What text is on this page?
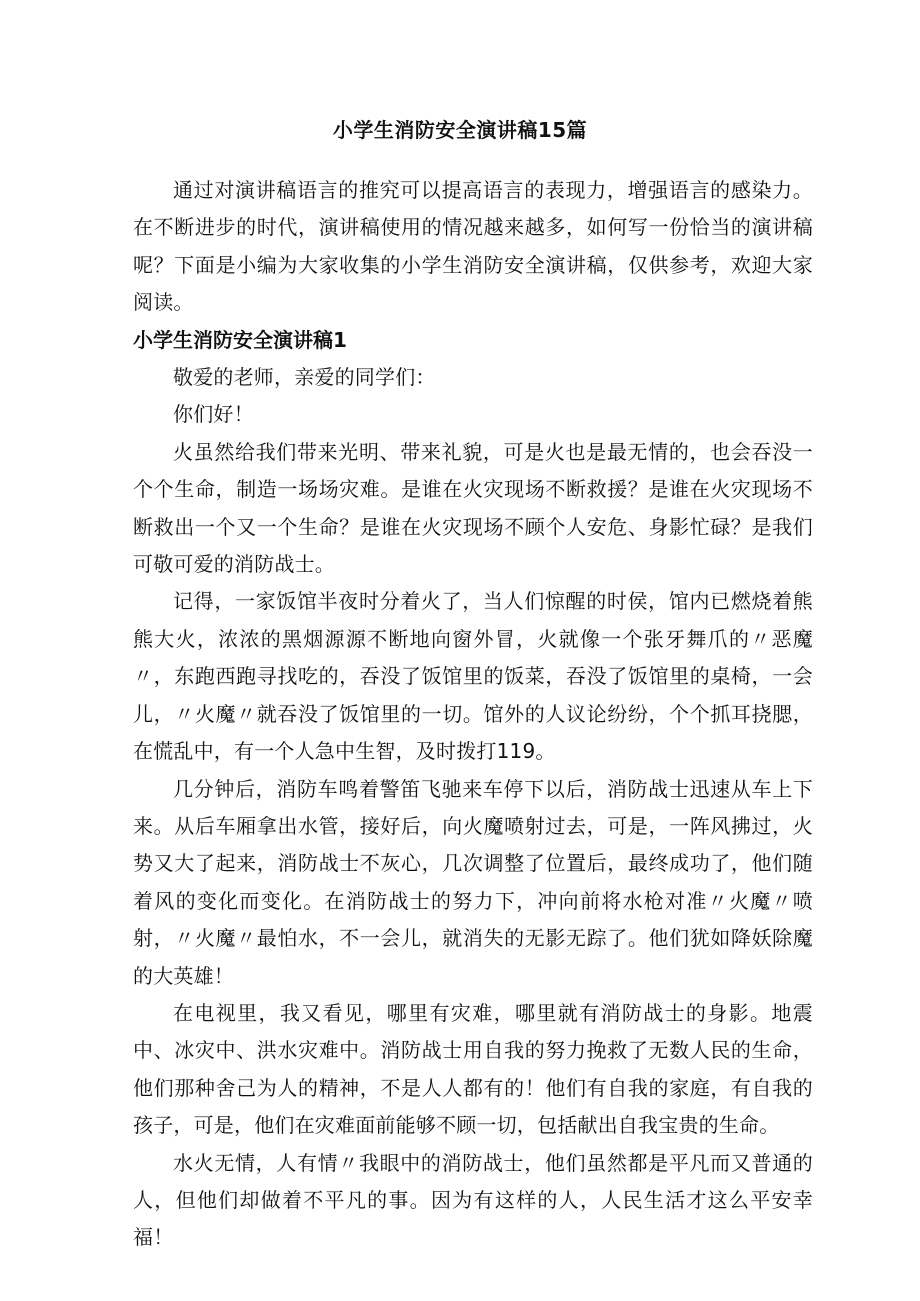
小学生消防安全演讲稿15篇

通过对演讲稿语言的推究可以提高语言的表现力，增强语言的感染力。在不断进步的时代，演讲稿使用的情况越来越多，如何写一份恰当的演讲稿呢？下面是小编为大家收集的小学生消防安全演讲稿，仅供参考，欢迎大家阅读。

小学生消防安全演讲稿1

敬爱的老师，亲爱的同学们：

你们好！

火虽然给我们带来光明、带来礼貌，可是火也是最无情的，也会吞没一个个生命，制造一场场灾难。是谁在火灾现场不断救援？是谁在火灾现场不断救出一个又一个生命？是谁在火灾现场不顾个人安危、身影忙碌？是我们可敬可爱的消防战士。

记得，一家饭馆半夜时分着火了，当人们惊醒的时侯，馆内已燃烧着熊熊大火，浓浓的黑烟源源不断地向窗外冒，火就像一个张牙舞爪的〃恶魔〃，东跑西跑寻找吃的，吞没了饭馆里的饭菜，吞没了饭馆里的桌椅，一会儿，〃火魔〃就吞没了饭馆里的一切。馆外的人议论纷纷，个个抓耳挠腮，在慌乱中，有一个人急中生智，及时拨打119。

几分钟后，消防车鸣着警笛飞驰来车停下以后，消防战士迅速从车上下来。从后车厢拿出水管，接好后，向火魔喷射过去，可是，一阵风拂过，火势又大了起来，消防战士不灰心，几次调整了位置后，最终成功了，他们随着风的变化而变化。在消防战士的努力下，冲向前将水枪对准〃火魔〃喷射，〃火魔〃最怕水，不一会儿，就消失的无影无踪了。他们犹如降妖除魔的大英雄！

在电视里，我又看见，哪里有灾难，哪里就有消防战士的身影。地震中、冰灾中、洪水灾难中。消防战士用自我的努力挽救了无数人民的生命，他们那种舍己为人的精神，不是人人都有的！他们有自我的家庭，有自我的孩子，可是，他们在灾难面前能够不顾一切，包括献出自我宝贵的生命。

水火无情，人有情〃我眼中的消防战士，他们虽然都是平凡而又普通的人，但他们却做着不平凡的事。因为有这样的人，人民生活才这么平安幸福！
